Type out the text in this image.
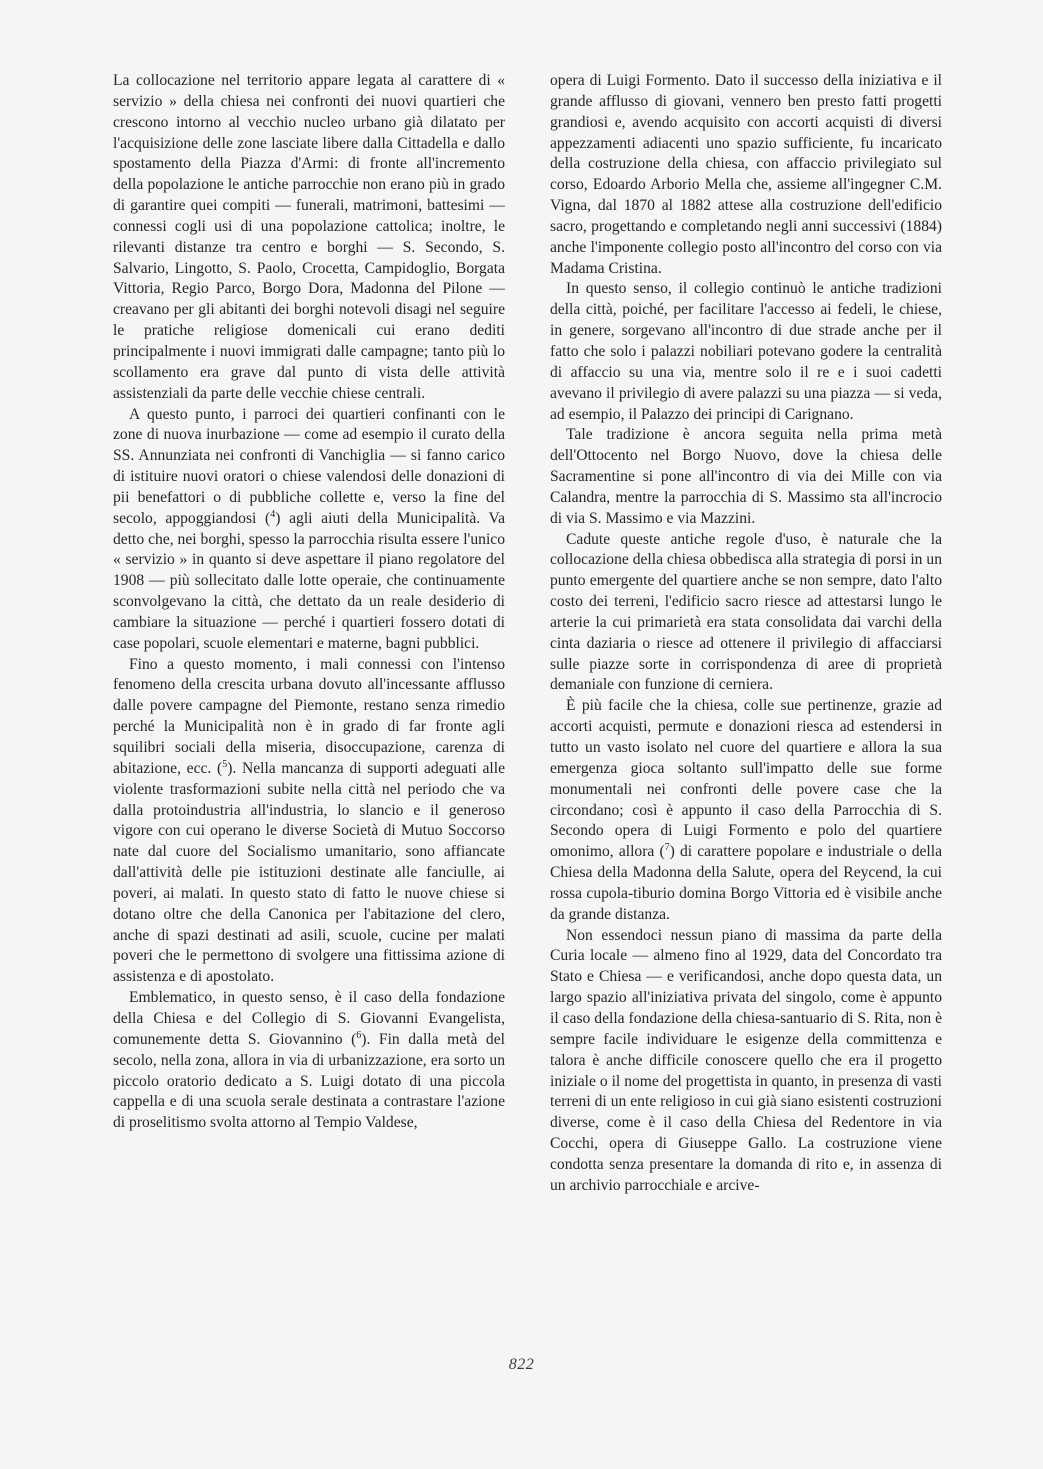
La collocazione nel territorio appare legata al carattere di « servizio » della chiesa nei confronti dei nuovi quartieri che crescono intorno al vecchio nucleo urbano già dilatato per l'acquisizione delle zone lasciate libere dalla Cittadella e dallo spostamento della Piazza d'Armi: di fronte all'incremento della popolazione le antiche parrocchie non erano più in grado di garantire quei compiti — funerali, matrimoni, battesimi — connessi cogli usi di una popolazione cattolica; inoltre, le rilevanti distanze tra centro e borghi — S. Secondo, S. Salvario, Lingotto, S. Paolo, Crocetta, Campidoglio, Borgata Vittoria, Regio Parco, Borgo Dora, Madonna del Pilone — creavano per gli abitanti dei borghi notevoli disagi nel seguire le pratiche religiose domenicali cui erano dediti principalmente i nuovi immigrati dalle campagne; tanto più lo scollamento era grave dal punto di vista delle attività assistenziali da parte delle vecchie chiese centrali.

A questo punto, i parroci dei quartieri confinanti con le zone di nuova inurbazione — come ad esempio il curato della SS. Annunziata nei confronti di Vanchiglia — si fanno carico di istituire nuovi oratori o chiese valendosi delle donazioni di pii benefattori o di pubbliche collette e, verso la fine del secolo, appoggiandosi ($^4$) agli aiuti della Municipalità. Va detto che, nei borghi, spesso la parrocchia risulta essere l'unico « servizio » in quanto si deve aspettare il piano regolatore del 1908 — più sollecitato dalle lotte operaie, che continuamente sconvolgevano la città, che dettato da un reale desiderio di cambiare la situazione — perché i quartieri fossero dotati di case popolari, scuole elementari e materne, bagni pubblici.

Fino a questo momento, i mali connessi con l'intenso fenomeno della crescita urbana dovuto all'incessante afflusso dalle povere campagne del Piemonte, restano senza rimedio perché la Municipalità non è in grado di far fronte agli squilibri sociali della miseria, disoccupazione, carenza di abitazione, ecc. ($^5$). Nella mancanza di supporti adeguati alle violente trasformazioni subite nella città nel periodo che va dalla protoindustria all'industria, lo slancio e il generoso vigore con cui operano le diverse Società di Mutuo Soccorso nate dal cuore del Socialismo umanitario, sono affiancate dall'attività delle pie istituzioni destinate alle fanciulle, ai poveri, ai malati. In questo stato di fatto le nuove chiese si dotano oltre che della Canonica per l'abitazione del clero, anche di spazi destinati ad asili, scuole, cucine per malati poveri che le permettono di svolgere una fittissima azione di assistenza e di apostolato.

Emblematico, in questo senso, è il caso della fondazione della Chiesa e del Collegio di S. Giovanni Evangelista, comunemente detta S. Giovannino ($^6$). Fin dalla metà del secolo, nella zona, allora in via di urbanizzazione, era sorto un piccolo oratorio dedicato a S. Luigi dotato di una piccola cappella e di una scuola serale destinata a contrastare l'azione di proselitismo svolta attorno al Tempio Valdese,

opera di Luigi Formento. Dato il successo della iniziativa e il grande afflusso di giovani, vennero ben presto fatti progetti grandiosi e, avendo acquisito con accorti acquisti di diversi appezzamenti adiacenti uno spazio sufficiente, fu incaricato della costruzione della chiesa, con affaccio privilegiato sul corso, Edoardo Arborio Mella che, assieme all'ingegner C.M. Vigna, dal 1870 al 1882 attese alla costruzione dell'edificio sacro, progettando e completando negli anni successivi (1884) anche l'imponente collegio posto all'incontro del corso con via Madama Cristina.

In questo senso, il collegio continuò le antiche tradizioni della città, poiché, per facilitare l'accesso ai fedeli, le chiese, in genere, sorgevano all'incontro di due strade anche per il fatto che solo i palazzi nobiliari potevano godere la centralità di affaccio su una via, mentre solo il re e i suoi cadetti avevano il privilegio di avere palazzi su una piazza — si veda, ad esempio, il Palazzo dei principi di Carignano.

Tale tradizione è ancora seguita nella prima metà dell'Ottocento nel Borgo Nuovo, dove la chiesa delle Sacramentine si pone all'incontro di via dei Mille con via Calandra, mentre la parrocchia di S. Massimo sta all'incrocio di via S. Massimo e via Mazzini.

Cadute queste antiche regole d'uso, è naturale che la collocazione della chiesa obbedisca alla strategia di porsi in un punto emergente del quartiere anche se non sempre, dato l'alto costo dei terreni, l'edificio sacro riesce ad attestarsi lungo le arterie la cui primarietà era stata consolidata dai varchi della cinta daziaria o riesce ad ottenere il privilegio di affacciarsi sulle piazze sorte in corrispondenza di aree di proprietà demaniale con funzione di cerniera.

È più facile che la chiesa, colle sue pertinenze, grazie ad accorti acquisti, permute e donazioni riesca ad estendersi in tutto un vasto isolato nel cuore del quartiere e allora la sua emergenza gioca soltanto sull'impatto delle sue forme monumentali nei confronti delle povere case che la circondano; così è appunto il caso della Parrocchia di S. Secondo opera di Luigi Formento e polo del quartiere omonimo, allora ($^7$) di carattere popolare e industriale o della Chiesa della Madonna della Salute, opera del Reycend, la cui rossa cupola-tiburio domina Borgo Vittoria ed è visibile anche da grande distanza.

Non essendoci nessun piano di massima da parte della Curia locale — almeno fino al 1929, data del Concordato tra Stato e Chiesa — e verificandosi, anche dopo questa data, un largo spazio all'iniziativa privata del singolo, come è appunto il caso della fondazione della chiesa-santuario di S. Rita, non è sempre facile individuare le esigenze della committenza e talora è anche difficile conoscere quello che era il progetto iniziale o il nome del progettista in quanto, in presenza di vasti terreni di un ente religioso in cui già siano esistenti costruzioni diverse, come è il caso della Chiesa del Redentore in via Cocchi, opera di Giuseppe Gallo. La costruzione viene condotta senza presentare la domanda di rito e, in assenza di un archivio parrocchiale e arcive-

822
